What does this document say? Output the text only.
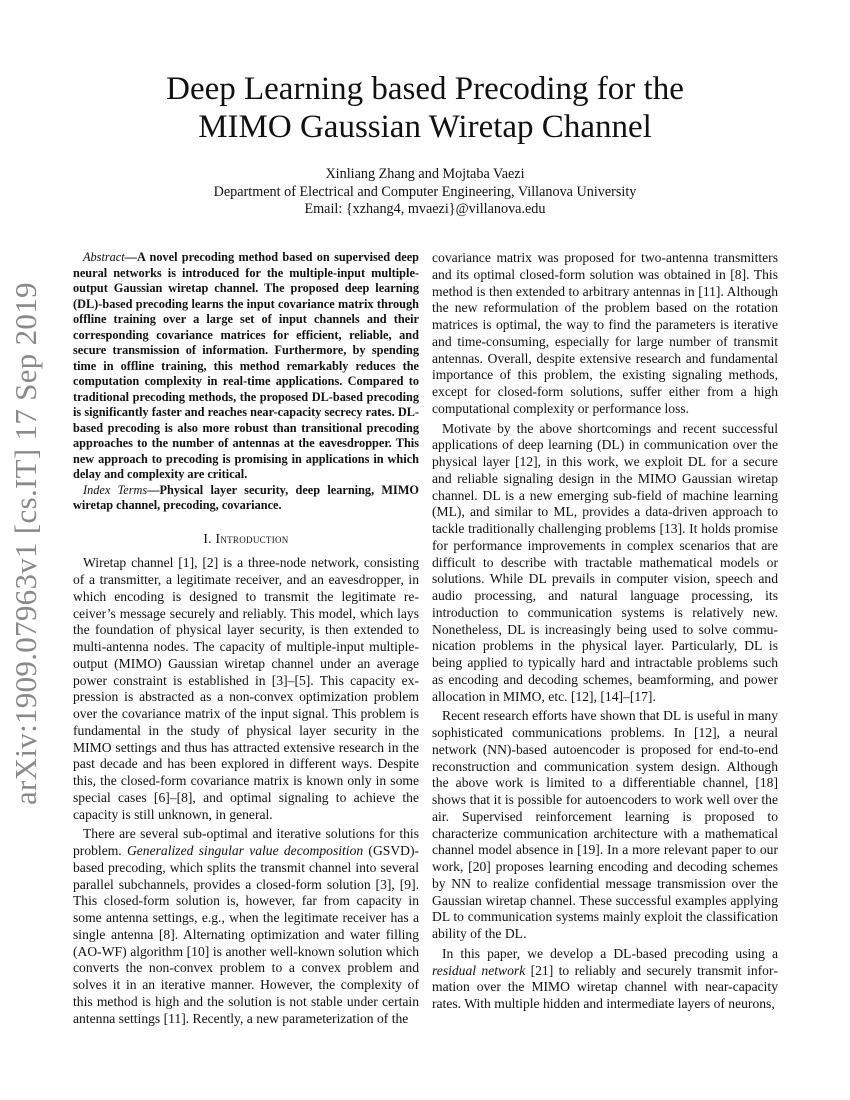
arXiv:1909.07963v1 [cs.IT] 17 Sep 2019
Deep Learning based Precoding for the
MIMO Gaussian Wiretap Channel
Xinliang Zhang and Mojtaba Vaezi
Department of Electrical and Computer Engineering, Villanova University
Email: {xzhang4, mvaezi}@villanova.edu

Abstract—A novel precoding method based on supervised deep neural networks is introduced for the multiple-input multiple-output Gaussian wiretap channel. The proposed deep learning (DL)-based precoding learns the input covariance matrix through offline training over a large set of input channels and their corresponding covariance matrices for efficient, reliable, and secure transmission of information. Furthermore, by spending time in offline training, this method remarkably reduces the computation complexity in real-time applications. Compared to traditional precoding methods, the proposed DL-based precoding is significantly faster and reaches near-capacity secrecy rates. DL-based precoding is also more robust than transitional precoding approaches to the number of antennas at the eavesdropper. This new approach to precoding is promising in applications in which delay and complexity are critical.

Index Terms—Physical layer security, deep learning, MIMO wiretap channel, precoding, covariance.

I. Introduction

Wiretap channel [1], [2] is a three-node network, consisting of a transmitter, a legitimate receiver, and an eavesdropper, in which encoding is designed to transmit the legitimate receiver’s message securely and reliably. This model, which lays the foundation of physical layer security, is then extended to multi-antenna nodes. The capacity of multiple-input multiple-output (MIMO) Gaussian wiretap channel under an average power constraint is established in [3]–[5]. This capacity expression is abstracted as a non-convex optimization problem over the covariance matrix of the input signal. This problem is fundamental in the study of physical layer security in the MIMO settings and thus has attracted extensive research in the past decade and has been explored in different ways. Despite this, the closed-form covariance matrix is known only in some special cases [6]–[8], and optimal signaling to achieve the capacity is still unknown, in general.

There are several sub-optimal and iterative solutions for this problem. Generalized singular value decomposition (GSVD)-based precoding, which splits the transmit channel into several parallel subchannels, provides a closed-form solution [3], [9]. This closed-form solution is, however, far from capacity in some antenna settings, e.g., when the legitimate receiver has a single antenna [8]. Alternating optimization and water filling (AO-WF) algorithm [10] is another well-known solution which converts the non-convex problem to a convex problem and solves it in an iterative manner. However, the complexity of this method is high and the solution is not stable under certain antenna settings [11]. Recently, a new parameterization of the

covariance matrix was proposed for two-antenna transmitters and its optimal closed-form solution was obtained in [8]. This method is then extended to arbitrary antennas in [11]. Although the new reformulation of the problem based on the rotation matrices is optimal, the way to find the parameters is iterative and time-consuming, especially for large number of transmit antennas. Overall, despite extensive research and fundamental importance of this problem, the existing signaling methods, except for closed-form solutions, suffer either from a high computational complexity or performance loss.

Motivate by the above shortcomings and recent successful applications of deep learning (DL) in communication over the physical layer [12], in this work, we exploit DL for a secure and reliable signaling design in the MIMO Gaussian wiretap channel. DL is a new emerging sub-field of machine learning (ML), and similar to ML, provides a data-driven approach to tackle traditionally challenging problems [13]. It holds promise for performance improvements in complex scenarios that are difficult to describe with tractable mathematical models or solutions. While DL prevails in computer vision, speech and audio processing, and natural language processing, its introduction to communication systems is relatively new. Nonetheless, DL is increasingly being used to solve communication problems in the physical layer. Particularly, DL is being applied to typically hard and intractable problems such as encoding and decoding schemes, beamforming, and power allocation in MIMO, etc. [12], [14]–[17].

Recent research efforts have shown that DL is useful in many sophisticated communications problems. In [12], a neural network (NN)-based autoencoder is proposed for end-to-end reconstruction and communication system design. Although the above work is limited to a differentiable channel, [18] shows that it is possible for autoencoders to work well over the air. Supervised reinforcement learning is proposed to characterize communication architecture with a mathematical channel model absence in [19]. In a more relevant paper to our work, [20] proposes learning encoding and decoding schemes by NN to realize confidential message transmission over the Gaussian wiretap channel. These successful examples applying DL to communication systems mainly exploit the classification ability of the DL.

In this paper, we develop a DL-based precoding using a residual network [21] to reliably and securely transmit information over the MIMO wiretap channel with near-capacity rates. With multiple hidden and intermediate layers of neurons,
